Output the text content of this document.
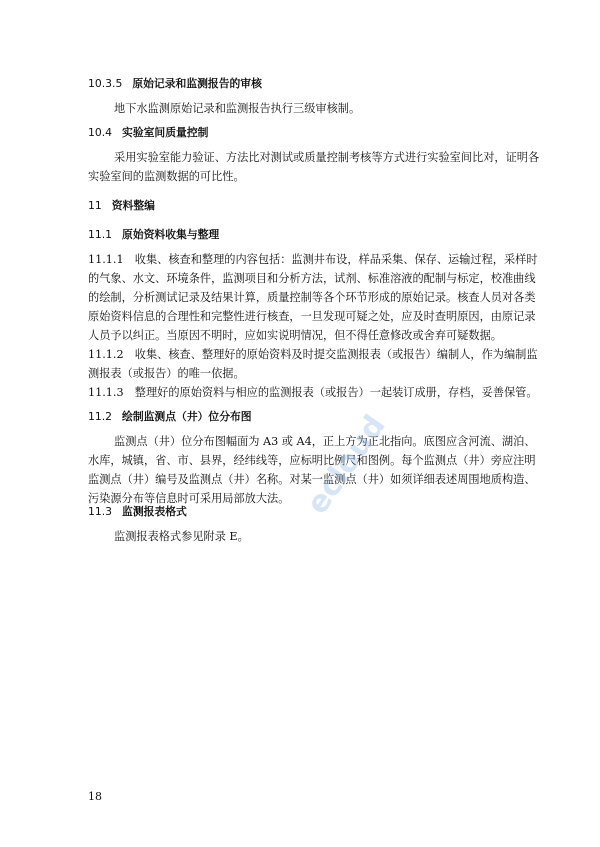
10.3.5 原始记录和监测报告的审核
地下水监测原始记录和监测报告执行三级审核制。
10.4 实验室间质量控制
采用实验室能力验证、方法比对测试或质量控制考核等方式进行实验室间比对，证明各
实验室间的监测数据的可比性。
11 资料整编
11.1 原始资料收集与整理
11.1.1　收集、核查和整理的内容包括：监测井布设，样品采集、保存、运输过程，采样时
的气象、水文、环境条件，监测项目和分析方法，试剂、标准溶液的配制与标定，校准曲线
的绘制，分析测试记录及结果计算，质量控制等各个环节形成的原始记录。核查人员对各类
原始资料信息的合理性和完整性进行核查，一旦发现可疑之处，应及时查明原因，由原记录
人员予以纠正。当原因不明时，应如实说明情况，但不得任意修改或舍弃可疑数据。
11.1.2　收集、核查、整理好的原始资料及时提交监测报表（或报告）编制人，作为编制监
测报表（或报告）的唯一依据。
11.1.3　整理好的原始资料与相应的监测报表（或报告）一起装订成册，存档，妥善保管。
11.2 绘制监测点（井）位分布图
监测点（井）位分布图幅面为 A3 或 A4，正上方为正北指向。底图应含河流、湖泊、
水库，城镇，省、市、县界，经纬线等，应标明比例尺和图例。每个监测点（井）旁应注明
监测点（井）编号及监测点（井）名称。对某一监测点（井）如须详细表述周围地质构造、
污染源分布等信息时可采用局部放大法。
11.3 监测报表格式
监测报表格式参见附录 E。
ecloud
18
